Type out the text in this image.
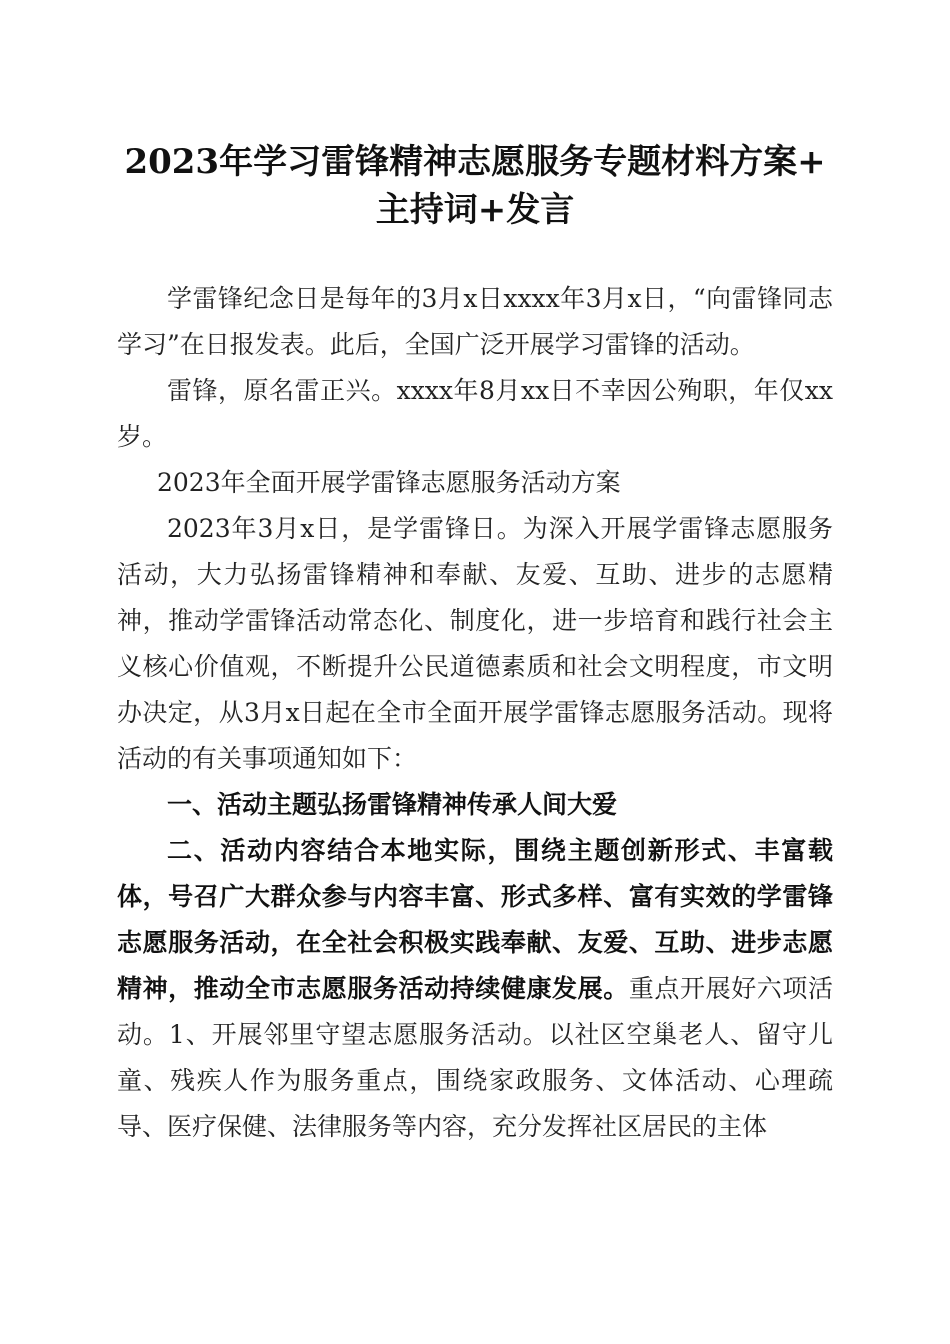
2023年学习雷锋精神志愿服务专题材料方案+
主持词+发言

学雷锋纪念日是每年的3月x日xxxx年3月x日，“向雷锋同志学习”在日报发表。此后，全国广泛开展学习雷锋的活动。

雷锋，原名雷正兴。xxxx年8月xx日不幸因公殉职，年仅xx岁。

2023年全面开展学雷锋志愿服务活动方案

2023年3月x日，是学雷锋日。为深入开展学雷锋志愿服务活动，大力弘扬雷锋精神和奉献、友爱、互助、进步的志愿精神，推动学雷锋活动常态化、制度化，进一步培育和践行社会主义核心价值观，不断提升公民道德素质和社会文明程度，市文明办决定，从3月x日起在全市全面开展学雷锋志愿服务活动。现将活动的有关事项通知如下：

一、活动主题弘扬雷锋精神传承人间大爱

二、活动内容结合本地实际，围绕主题创新形式、丰富载体，号召广大群众参与内容丰富、形式多样、富有实效的学雷锋志愿服务活动，在全社会积极实践奉献、友爱、互助、进步志愿精神，推动全市志愿服务活动持续健康发展。重点开展好六项活动。1、开展邻里守望志愿服务活动。以社区空巢老人、留守儿童、残疾人作为服务重点，围绕家政服务、文体活动、心理疏导、医疗保健、法律服务等内容，充分发挥社区居民的主体
